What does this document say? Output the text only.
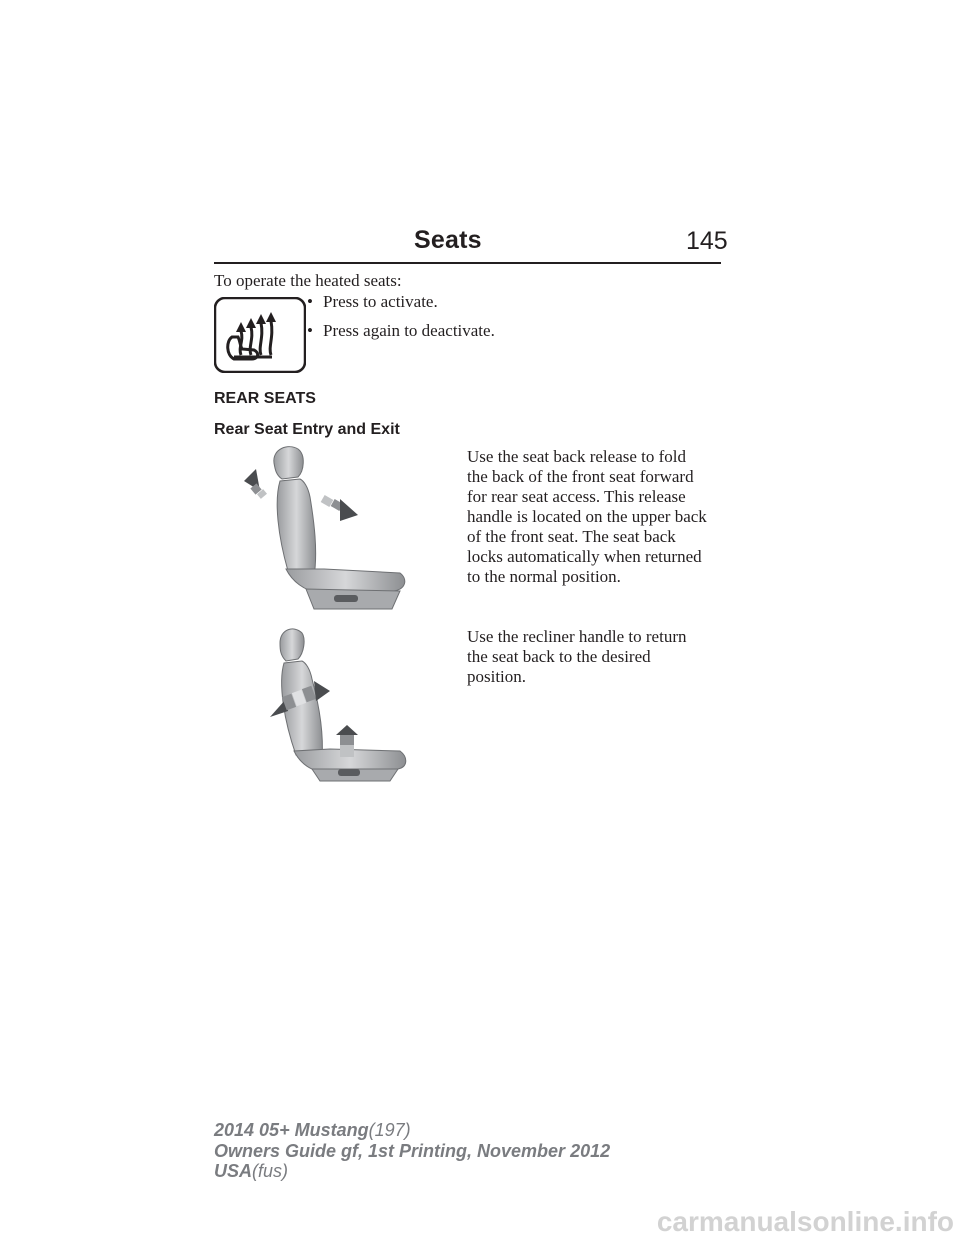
Seats	145
To operate the heated seats:
• Press to activate.
• Press again to deactivate.
REAR SEATS
Rear Seat Entry and Exit
Use the seat back release to fold
the back of the front seat forward
for rear seat access. This release
handle is located on the upper back
of the front seat. The seat back
locks automatically when returned
to the normal position.
Use the recliner handle to return
the seat back to the desired
position.
2014 05+ Mustang(197)
Owners Guide gf, 1st Printing, November 2012
USA(fus)
carmanualsonline.info
